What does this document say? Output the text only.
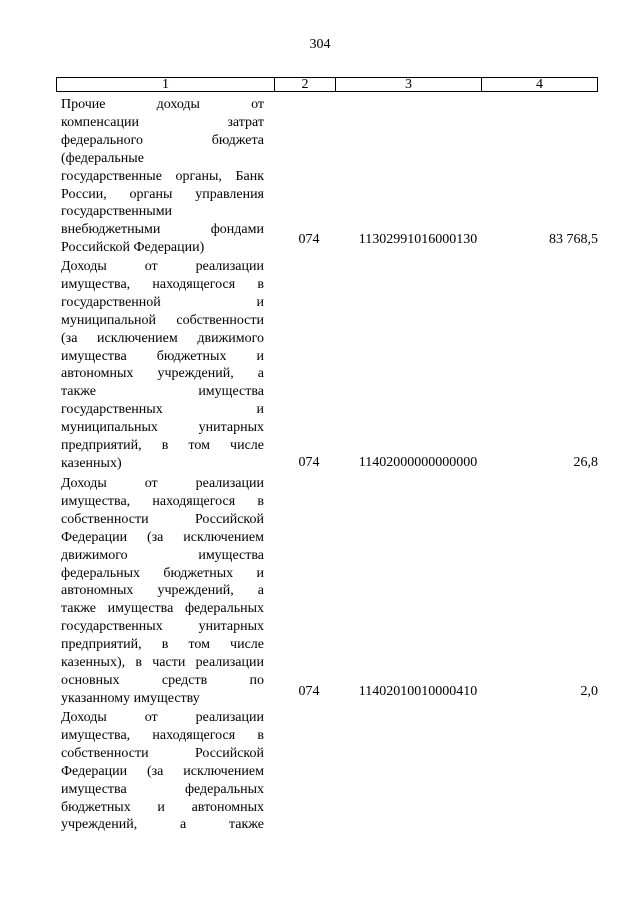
304
1	2	3	4
Прочие доходы от
компенсации затрат
федерального бюджета
(федеральные
государственные органы, Банк
России, органы управления
государственными
внебюджетными фондами
Российской Федерации)
074	11302991016000130	83 768,5
Доходы от реализации
имущества, находящегося в
государственной и
муниципальной собственности
(за исключением движимого
имущества бюджетных и
автономных учреждений, а
также имущества
государственных и
муниципальных унитарных
предприятий, в том числе
казенных)	074	11402000000000000	26,8
Доходы от реализации
имущества, находящегося в
собственности Российской
Федерации (за исключением
движимого имущества
федеральных бюджетных и
автономных учреждений, а
также имущества федеральных
государственных унитарных
предприятий, в том числе
казенных), в части реализации
основных средств по
указанному имуществу	074	11402010010000410	2,0
Доходы от реализации
имущества, находящегося в
собственности Российской
Федерации (за исключением
имущества федеральных
бюджетных и автономных
учреждений, а также
